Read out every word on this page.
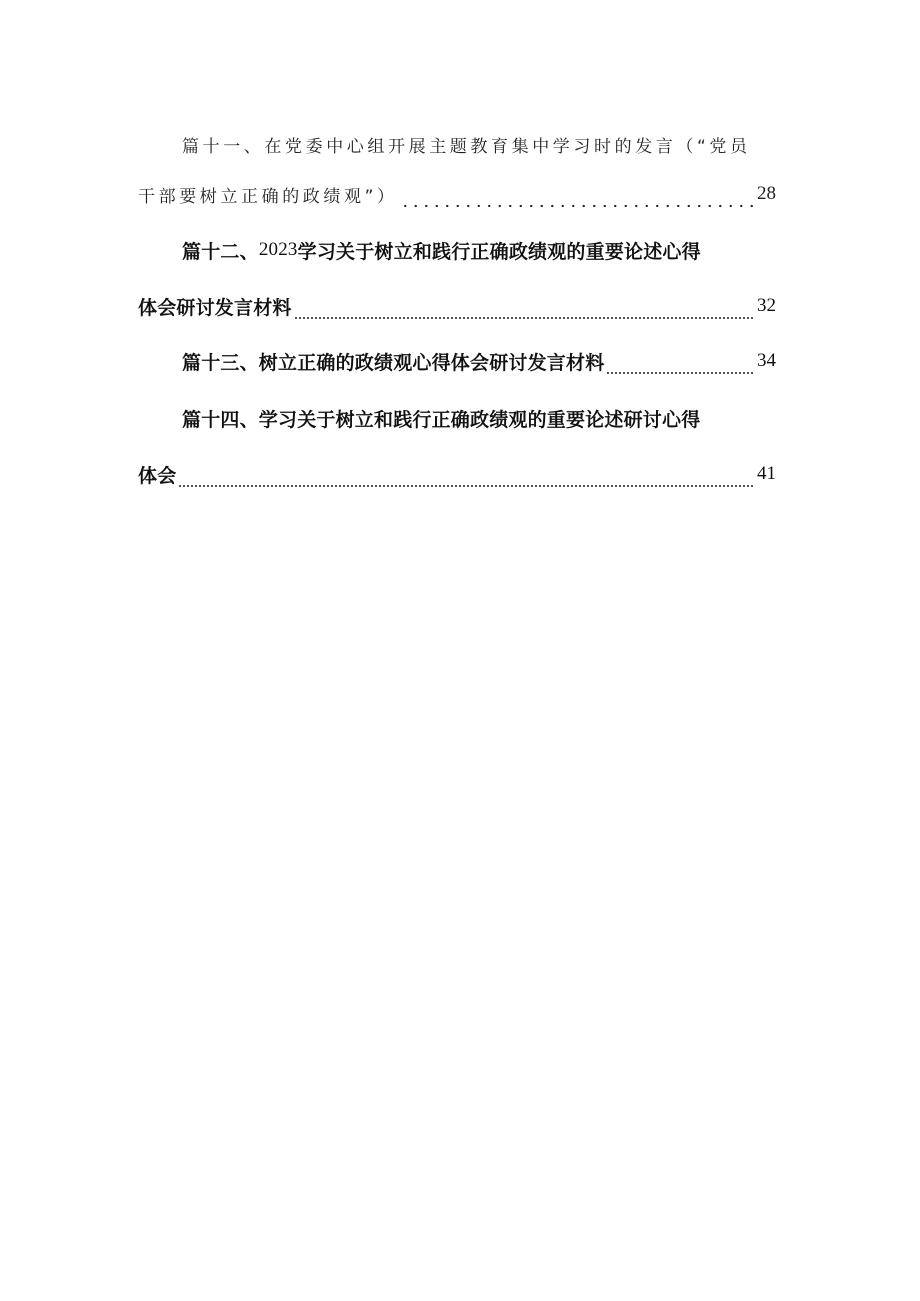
篇十一、在党委中心组开展主题教育集中学习时的发言（“党员
干部要树立正确的政绩观”）	28
篇十二、 2023 学习关于树立和践行正确政绩观的重要论述心得
体会研讨发言材料	32
篇十三、树立正确的政绩观心得体会研讨发言材料	34
篇十四、学习关于树立和践行正确政绩观的重要论述研讨心得
体会	41
